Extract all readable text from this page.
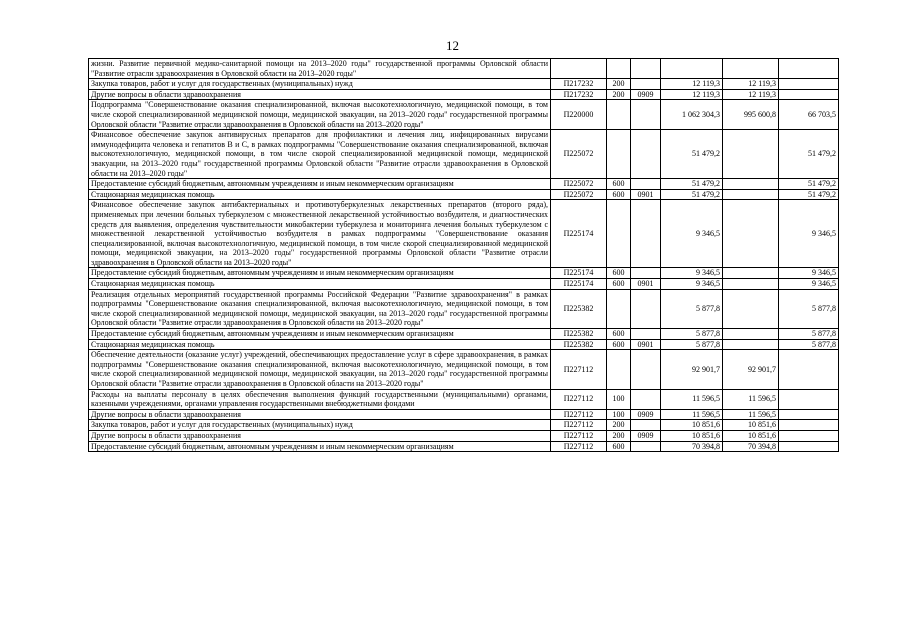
12
жизни. Развитие первичной медико-санитарной помощи на 2013–2020 годы" государственной программы Орловской области "Развитие отрасли здравоохранения в Орловской области на 2013–2020 годы"						
Закупка товаров, работ и услуг для государственных (муниципальных) нужд	П217232	200		12 119,3	12 119,3	
Другие вопросы в области здравоохранения	П217232	200	0909	12 119,3	12 119,3	
Подпрограмма "Совершенствование оказания специализированной, включая высокотехнологичную, медицинской помощи, в том числе скорой специализированной медицинской помощи, медицинской эвакуации, на 2013–2020 годы" государственной программы Орловской области "Развитие отрасли здравоохранения в Орловской области на 2013–2020 годы"	П220000			1 062 304,3	995 600,8	66 703,5
Финансовое обеспечение закупок антивирусных препаратов для профилактики и лечения лиц, инфицированных вирусами иммунодефицита человека и гепатитов В и С, в рамках подпрограммы "Совершенствование оказания специализированной, включая высокотехнологичную, медицинской помощи, в том числе скорой специализированной медицинской помощи, медицинской эвакуации, на 2013–2020 годы" государственной программы Орловской области "Развитие отрасли здравоохранения в Орловской области на 2013–2020 годы"	П225072			51 479,2		51 479,2
Предоставление субсидий бюджетным, автономным учреждениям и иным некоммерческим организациям	П225072	600		51 479,2		51 479,2
Стационарная медицинская помощь	П225072	600	0901	51 479,2		51 479,2
Финансовое обеспечение закупок антибактериальных и противотуберкулезных лекарственных препаратов (второго ряда), применяемых при лечении больных туберкулезом с множественной лекарственной устойчивостью возбудителя, и диагностических средств для выявления, определения чувствительности микобактерии туберкулеза и мониторинга лечения больных туберкулезом с множественной лекарственной устойчивостью возбудителя в рамках подпрограммы "Совершенствование оказания специализированной, включая высокотехнологичную, медицинской помощи, в том числе скорой специализированной медицинской помощи, медицинской эвакуации, на 2013–2020 годы" государственной программы Орловской области "Развитие отрасли здравоохранения в Орловской области на 2013–2020 годы"	П225174			9 346,5		9 346,5
Предоставление субсидий бюджетным, автономным учреждениям и иным некоммерческим организациям	П225174	600		9 346,5		9 346,5
Стационарная медицинская помощь	П225174	600	0901	9 346,5		9 346,5
Реализация отдельных мероприятий государственной программы Российской Федерации "Развитие здравоохранения" в рамках подпрограммы "Совершенствование оказания специализированной, включая высокотехнологичную, медицинской помощи, в том числе скорой специализированной медицинской помощи, медицинской эвакуации, на 2013–2020 годы" государственной программы Орловской области "Развитие отрасли здравоохранения в Орловской области на 2013–2020 годы"	П225382			5 877,8		5 877,8
Предоставление субсидий бюджетным, автономным учреждениям и иным некоммерческим организациям	П225382	600		5 877,8		5 877,8
Стационарная медицинская помощь	П225382	600	0901	5 877,8		5 877,8
Обеспечение деятельности (оказание услуг) учреждений, обеспечивающих предоставление услуг в сфере здравоохранения, в рамках подпрограммы "Совершенствование оказания специализированной, включая высокотехнологичную, медицинской помощи, в том числе скорой специализированной медицинской помощи, медицинской эвакуации, на 2013–2020 годы" государственной программы Орловской области "Развитие отрасли здравоохранения в Орловской области на 2013–2020 годы"	П227112			92 901,7	92 901,7	
Расходы на выплаты персоналу в целях обеспечения выполнения функций государственными (муниципальными) органами, казенными учреждениями, органами управления государственными внебюджетными фондами	П227112	100		11 596,5	11 596,5	
Другие вопросы в области здравоохранения	П227112	100	0909	11 596,5	11 596,5	
Закупка товаров, работ и услуг для государственных (муниципальных) нужд	П227112	200		10 851,6	10 851,6	
Другие вопросы в области здравоохранения	П227112	200	0909	10 851,6	10 851,6	
Предоставление субсидий бюджетным, автономным учреждениям и иным некоммерческим организациям	П227112	600		70 394,8	70 394,8	
